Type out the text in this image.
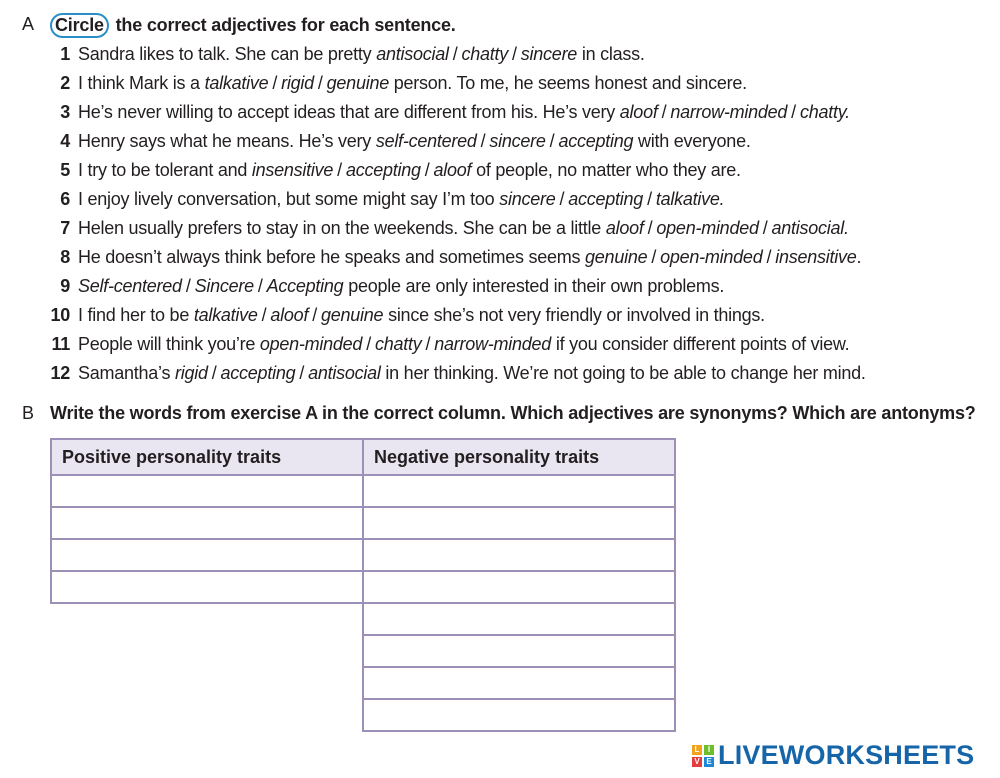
A Circle the correct adjectives for each sentence.
1 Sandra likes to talk. She can be pretty
antisocial / chatty / sincere
in class.
2 I think Mark is a
talkative / rigid / genuine
person. To me, he seems honest and sincere.
3 He’s never willing to accept ideas that are different from his. He’s very
aloof / narrow-minded / chatty.
4 Henry says what he means. He’s very
self-centered / sincere / accepting
with everyone.
5 I try to be tolerant and
insensitive / accepting / aloof
of people, no matter who they are.
6 I enjoy lively conversation, but some might say I’m too
sincere / accepting / talkative.
7 Helen usually prefers to stay in on the weekends. She can be a little
aloof / open-minded / antisocial.
8 He doesn’t always think before he speaks and sometimes seems
genuine / open-minded / insensitive .
9 Self-centered / Sincere / Accepting
people are only interested in their own problems.
10 I find her to be
talkative / aloof / genuine
since she’s not very friendly or involved in things.
11 People will think you’re
open-minded / chatty / narrow-minded
if you consider different points of view.
12 Samantha’s
rigid / accepting / antisocial
in her thinking. We’re not going to be able to change her mind.
B Write the words from exercise A in the correct column. Which adjectives are synonyms? Which are antonyms?
Positive personality traits	Negative personality traits

L	I
V E LIVEWORKSHEETS
